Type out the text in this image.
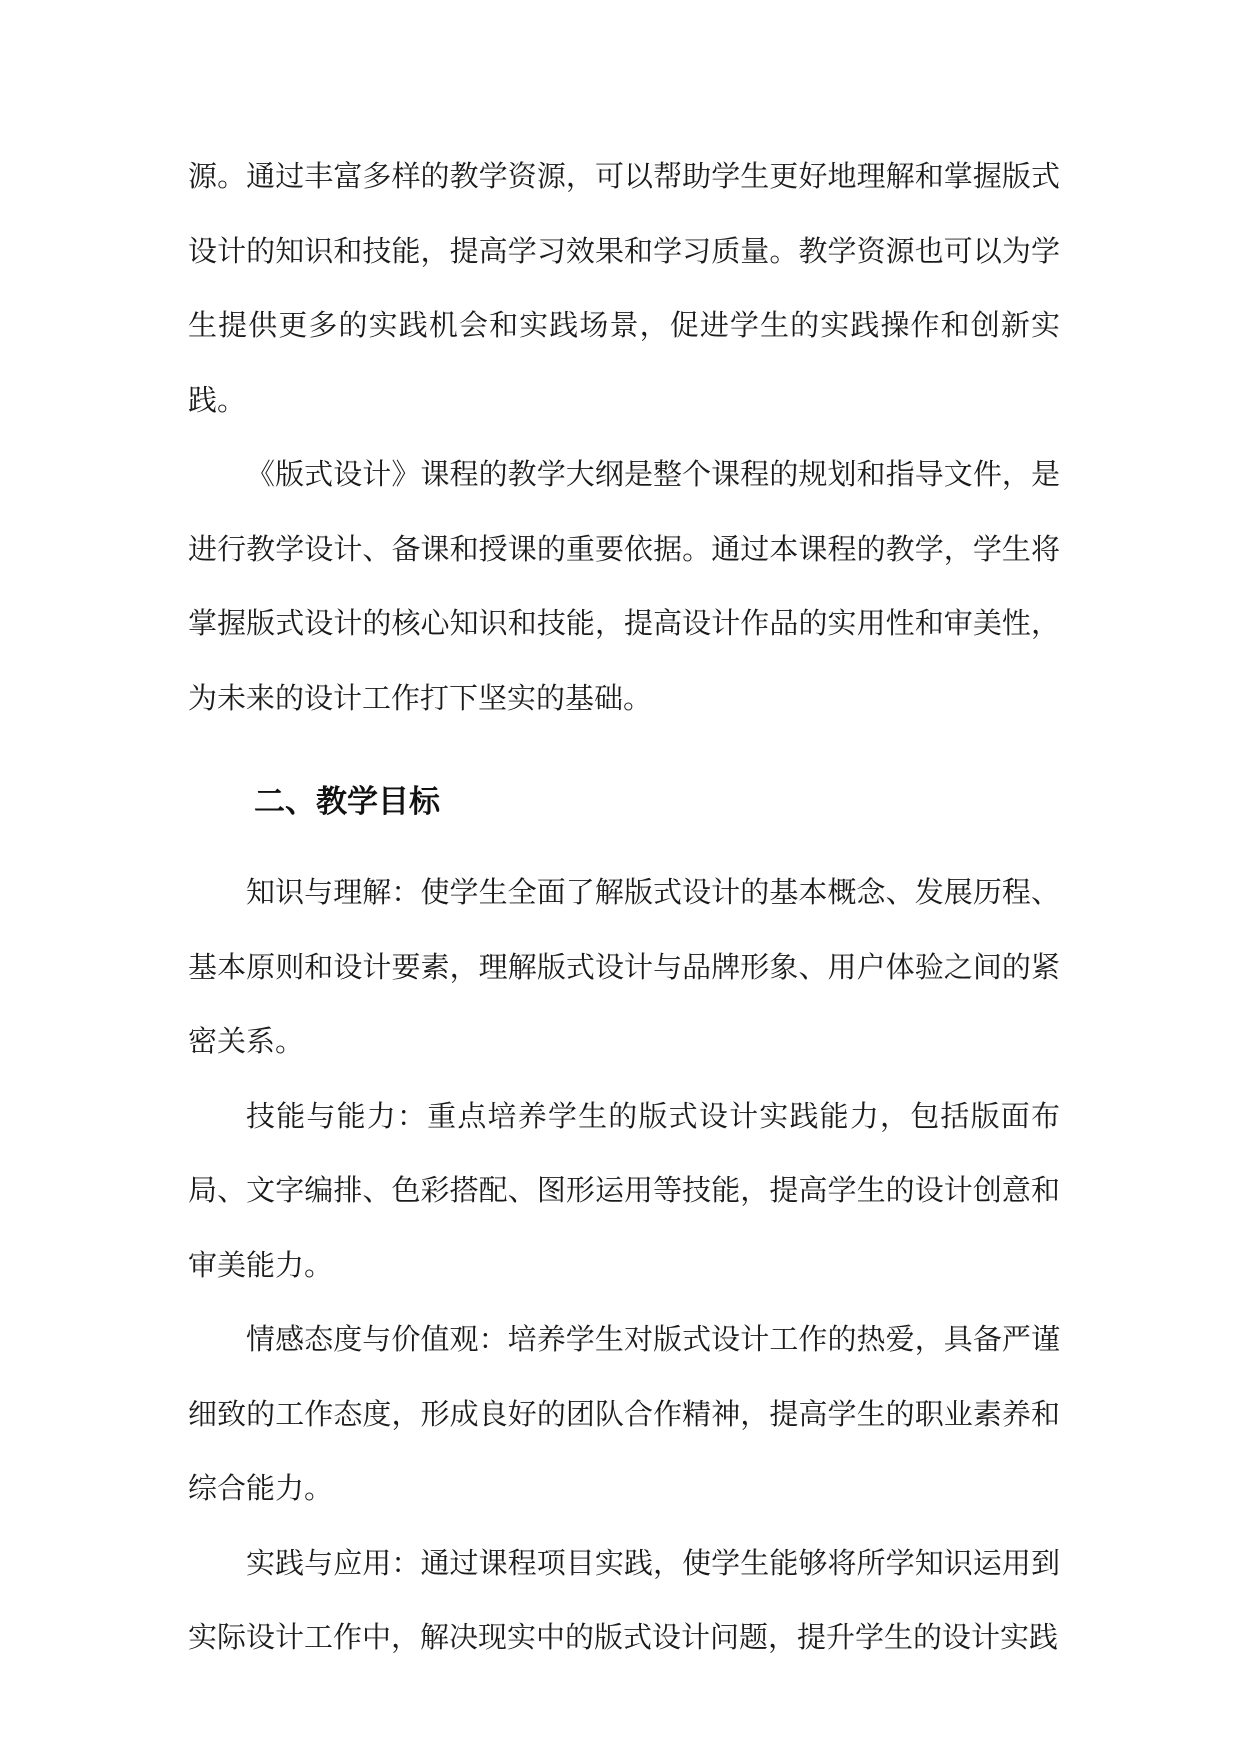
源。通过丰富多样的教学资源，可以帮助学生更好地理解和掌握版式设计的知识和技能，提高学习效果和学习质量。教学资源也可以为学生提供更多的实践机会和实践场景，促进学生的实践操作和创新实践。

《版式设计》课程的教学大纲是整个课程的规划和指导文件，是进行教学设计、备课和授课的重要依据。通过本课程的教学，学生将掌握版式设计的核心知识和技能，提高设计作品的实用性和审美性，为未来的设计工作打下坚实的基础。

二、教学目标

知识与理解：使学生全面了解版式设计的基本概念、发展历程、基本原则和设计要素，理解版式设计与品牌形象、用户体验之间的紧密关系。

技能与能力：重点培养学生的版式设计实践能力，包括版面布局、文字编排、色彩搭配、图形运用等技能，提高学生的设计创意和审美能力。

情感态度与价值观：培养学生对版式设计工作的热爱，具备严谨细致的工作态度，形成良好的团队合作精神，提高学生的职业素养和综合能力。

实践与应用：通过课程项目实践，使学生能够将所学知识运用到实际设计工作中，解决现实中的版式设计问题，提升学生的设计实践
